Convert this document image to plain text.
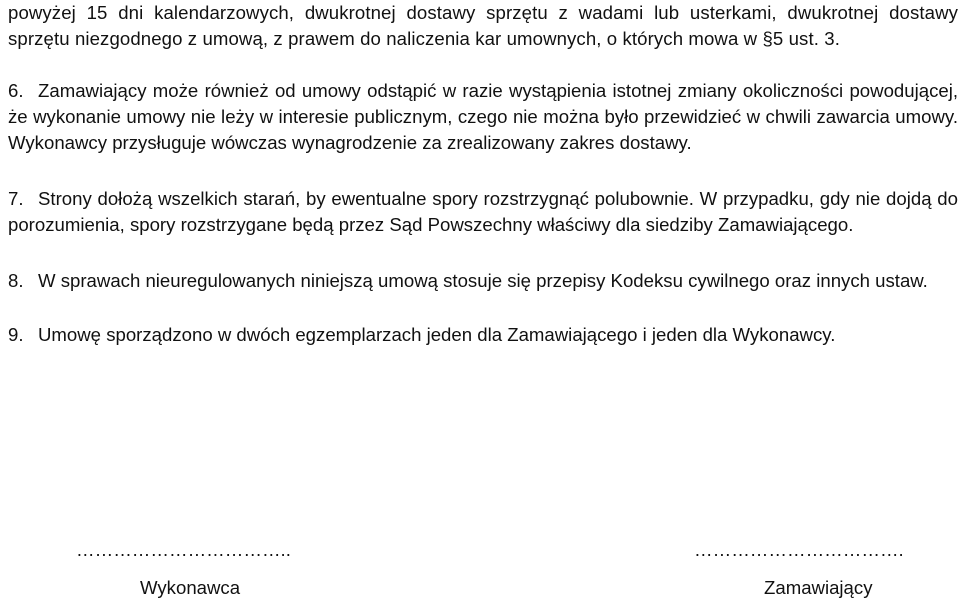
powyżej 15 dni kalendarzowych, dwukrotnej dostawy sprzętu z wadami lub usterkami, dwukrotnej dostawy sprzętu niezgodnego z umową, z prawem do naliczenia kar umownych, o których mowa w §5 ust. 3.

6. Zamawiający może również od umowy odstąpić w razie wystąpienia istotnej zmiany okoliczności powodującej, że wykonanie umowy nie leży w interesie publicznym, czego nie można było przewidzieć w chwili zawarcia umowy. Wykonawcy przysługuje wówczas wynagrodzenie za zrealizowany zakres dostawy.

7. Strony dołożą wszelkich starań, by ewentualne spory rozstrzygnąć polubownie. W przypadku, gdy nie dojdą do porozumienia, spory rozstrzygane będą przez Sąd Powszechny właściwy dla siedziby Zamawiającego.

8. W sprawach nieuregulowanych niniejszą umową stosuje się przepisy Kodeksu cywilnego oraz innych ustaw.

9. Umowę sporządzono w dwóch egzemplarzach jeden dla Zamawiającego i jeden dla Wykonawcy.

……………………………..
Wykonawca
…………………………….
Zamawiający
